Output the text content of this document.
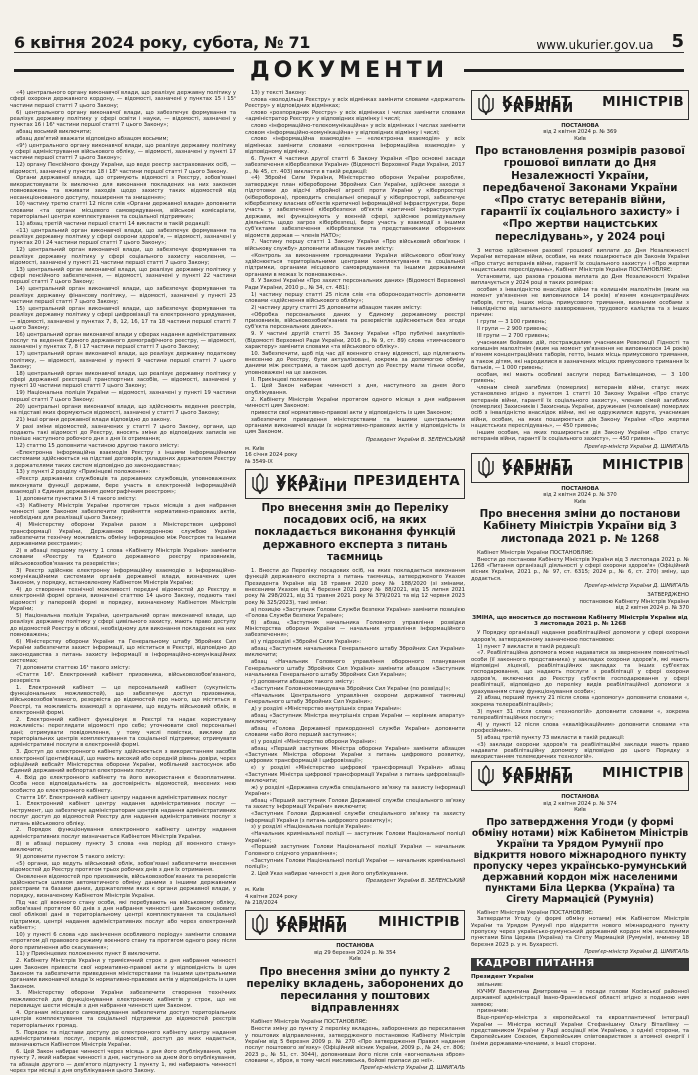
6 квітня 2024 року, субота, № 71	www.ukurier.gov.ua 5
ДОКУМЕНТИ

«4) центрального органу виконавчої влади, що реалізує державну політику у сфері охорони державного кордону, — відомості, зазначені у пунктах 15 і 15¹ частини першої статті 7 цього Закону;

6) центрального органу виконавчої влади, що забезпечує формування та реалізує державну політику у сфері освіти і науки, — відомості, зазначені у пунктах 16 і 16¹ частини першої статті 7 цього Закону»;

абзац восьмий виключити;

абзац дев'ятий вважати відповідно абзацом восьмим;

«9¹) центрального органу виконавчої влади, що реалізує державну політику у сфері адміністрування військового обліку, — відомості, зазначені у пункті 17 частини першої статті 7 цього Закону»;

12) органу Пенсійного фонду України, що веде реєстр застрахованих осіб, — відомості, зазначені у пунктах 18 і 18¹ частини першої статті 7 цього Закону.

Органи державної влади, що отримують відомості з Реєстру, зобов'язані використовувати їх виключно для виконання покладених на них законом повноважень та вживати заходів щодо захисту таких відомостей від несанкціонованого доступу, поширення та знищення»;

10) частину третю статті 12 після слів «Органи державної влади» доповнити словами «та органи місцевого самоврядування, військові комісаріати, територіальні центри комплектування та соціальної підтримки»;

11) абзац третій частини першої статті 14 викласти в такій редакції:

«11) центральний орган виконавчої влади, що забезпечує формування та реалізує державну політику у сфері охорони здоров'я, — відомості, зазначені у пунктах 20 і 24 частини першої статті 7 цього Закону»;

12) центральний орган виконавчої влади, що забезпечує формування та реалізує державну політику у сфері соціального захисту населення, — відомості, зазначені у пункті 21 частини першої статті 7 цього Закону;

13) центральний орган виконавчої влади, що реалізує державну політику у сфері пенсійного забезпечення, — відомості, зазначені у пункті 22 частини першої статті 7 цього Закону;

14) центральний орган виконавчої влади, що забезпечує формування та реалізує державну фінансову політику, — відомості, зазначені у пункті 23 частини першої статті 7 цього Закону;

15) центральний орган виконавчої влади, що забезпечує формування та реалізує державну політику у сфері цифровізації та електронного урядування, — відомості, зазначені у пунктах 7, 8, 12, 16, 17 та 18 частини першої статті 7 цього Закону;

16) центральний орган виконавчої влади у сферах надання адміністративних послуг та ведення Єдиного державного демографічного реєстру, — відомості, зазначені у пунктах 7, 8 і 17 частини першої статті 7 цього Закону;

17) центральний орган виконавчої влади, що реалізує державну податкову політику, — відомості, зазначені у пункті 9 частини першої статті 7 цього Закону;

18) центральний орган виконавчої влади, що реалізує державну політику у сфері державної реєстрації транспортних засобів, — відомості, зазначені у пункті 10 частини першої статті 7 цього Закону;

19) Національна поліція України — відомості, зазначені у пункті 19 частини першої статті 7 цього Закону;

20) центральні органи виконавчої влади, що здійснюють ведення реєстрів, на підставі яких формуються відомості, зазначені у статті 7 цього Закону;

21) інші органи державної влади відповідно до закону.

У разі зміни відомостей, зазначених у статті 7 цього Закону, органи, що подають такі відомості до Реєстру, вносять зміни до відповідних записів не пізніше наступного робочого дня з дня їх отримання;

12) статтю 15 доповнити частиною другою такого змісту:

«Електронна інформаційна взаємодія Реєстру з іншими інформаційними системами здійснюється на підставі договорів, укладених держателем Реєстру з держателями таких систем відповідно до законодавства»;

13) у пункті 2 розділу «Прикінцеві положення»:

«Реєстр державних службовців та державних службовців, уповноважених виконувати функції держави, бере участь в електронній інформаційній взаємодії з Єдиним державним демографічним реєстром»;

1) доповнити пунктами 3 і 4 такого змісту:

«3) Кабінету Міністрів України протягом трьох місяців з дня набрання чинності цим Законом забезпечити прийняття нормативно-правових актів, необхідних для реалізації цього Закону;

4) Міністерству оборони України разом з Міністерством цифрової трансформації України, Державною прикордонною службою України забезпечити технічну можливість обміну інформацією між Реєстром та іншими державними реєстрами»;

2) в абзаці першому пункту 1 слова «Кабінету Міністрів України» замінити словами «Реєстру та Єдиного державного реєстру призовників, військовозобов'язаних та резервістів»;

3) Реєстр здійснює електронну інформаційну взаємодію з інформаційно-комунікаційними системами органів державної влади, визначених цим Законом, у порядку, встановленому Кабінетом Міністрів України;

4) до створення технічної можливості передачі відомостей до Реєстру в електронній формі органи, визначені статтею 14 цього Закону, подають такі відомості у паперовій формі в порядку, визначеному Кабінетом Міністрів України;

5) Національна поліція України, центральний орган виконавчої влади, що реалізує державну політику у сфері цивільного захисту, мають право доступу до відомостей Реєстру в обсязі, необхідному для виконання покладених на них повноважень;

6) Міністерству оборони України та Генеральному штабу Збройних Сил України забезпечити захист інформації, що міститься в Реєстрі, відповідно до законодавства з питань захисту інформації в інформаційно-комунікаційних системах;

7) доповнити статтею 16¹ такого змісту:

«Стаття 16¹. Електронний кабінет призовника, військовозобов'язаного, резервіста

1. Електронний кабінет — це персональний кабінет (сукупність функціональних можливостей), що забезпечує доступ призовника, військовозобов'язаного, резервіста до відомостей про нього, що містяться в Реєстрі, та можливість взаємодії з органами, що ведуть військовий облік, в електронній формі.

2. Електронний кабінет функціонує в Реєстрі та надає користувачу можливість: переглядати відомості про себе; уточнювати свої персональні дані; отримувати повідомлення, у тому числі повістки, виклики до територіальних центрів комплектування та соціальної підтримки; отримувати адміністративні послуги в електронній формі.

3. Доступ до електронного кабінету здійснюється з використанням засобів електронної ідентифікації, що мають високий або середній рівень довіри, через офіційний вебсайт Міністерства оборони України, мобільний застосунок або Єдиний державний вебпортал електронних послуг.

4. Вхід до електронного кабінету та його використання є безоплатними. Особа несе відповідальність за достовірність відомостей, внесених нею особисто до електронного кабінету.

Стаття 16². Електронний кабінет центру надання адміністративних послуг

1. Електронний кабінет центру надання адміністративних послуг — інструмент, що забезпечує адміністраторам центрів надання адміністративних послуг доступ до відомостей Реєстру для надання адміністративних послуг з питань військового обліку.

2. Порядок функціонування електронного кабінету центру надання адміністративних послуг визначається Кабінетом Міністрів України.

8) в абзаці першому пункту 3 слова «на період дії воєнного стану» виключити;

9) доповнити пунктом 5 такого змісту:

«5) органи, що ведуть військовий облік, зобов'язані забезпечити внесення відомостей до Реєстру протягом трьох робочих днів з дня їх отримання.

Оновлення відомостей про призовників, військовозобов'язаних та резервістів здійснюється шляхом автоматичного обміну даними з іншими державними реєстрами та базами даних, держателями яких є органи державної влади, у порядку, визначеному Кабінетом Міністрів України.

Під час дії воєнного стану особи, які перебувають на військовому обліку, зобов'язані протягом 60 днів з дня набрання чинності цим Законом оновити свої облікові дані в територіальному центрі комплектування та соціальної підтримки, центрі надання адміністративних послуг або через електронний кабінет»;

10) у пункті 6 слова «до закінчення особливого періоду» замінити словами «протягом дії правового режиму воєнного стану та протягом одного року після його припинення або скасування»;

11) у Прикінцевих положеннях пункт 8 виключити.

2. Кабінету Міністрів України у тримісячний строк з дня набрання чинності цим Законом привести свої нормативно-правові акти у відповідність із цим Законом та забезпечити приведення міністерствами та іншими центральними органами виконавчої влади їх нормативно-правових актів у відповідність із цим Законом.

3. Міністерству оборони України забезпечити створення технічних можливостей для функціонування електронних кабінетів у строк, що не перевищує шести місяців з дня набрання чинності цим Законом.

4. Органам місцевого самоврядування забезпечити доступ територіальних центрів комплектування та соціальної підтримки до відомостей реєстрів територіальних громад.

5. Порядок та підстави доступу до електронного кабінету центру надання адміністративних послуг, перелік відомостей, доступ до яких надається, визначаються Кабінетом Міністрів України.

6. Цей Закон набирає чинності через місяць з дня його опублікування, крім пункту 7, який набирає чинності з дня, наступного за днем його опублікування, та абзаців другого — дев'ятого підпункту 1 пункту 1, які набирають чинності через три місяці з дня опублікування цього Закону.

13) у тексті Закону:

слова «володільця Реєстру» у всіх відмінках замінити словами «держатель Реєстру» у відповідних відмінках;

слово «розпорядник Реєстру» у всіх відмінках і числах замінити словами «адміністратор Реєстру» у відповідних відмінку і числі;

слово «інформаційно-телекомунікаційна» у всіх відмінках і числах замінити словом «інформаційно-комунікаційна» у відповідних відмінку і числі;

слово «інформаційна взаємодія» — «електронна взаємодія» у всіх відмінках замінити словами «електронна інформаційна взаємодія» у відповідному відмінку.

6. Пункт 4 частини другої статті 6 Закону України «Про основні засади забезпечення кібербезпеки України» (Відомості Верховної Ради України, 2017 р., № 45, ст. 403) викласти в такій редакції:

«4) Збройні Сили України, Міністерство оборони України розробляє, затверджує план кібероборони Збройних Сил України, здійснює заходи з підготовки до відсічі збройної агресії проти України у кіберпросторі (кібероборона), проводить спеціальні операції у кіберпросторі, забезпечує кібербезпеку власних об'єктів критичної інформаційної інфраструктури, бере участь у забезпеченні кібербезпеки об'єктів критичної інфраструктури держави, які функціонують у воєнній сфері, здійснює розвідувальну діяльність щодо загроз кібербезпеці, бере участь у взаємодії з іншими суб'єктами забезпечення кібербезпеки та представниками оборонних відомств держав — членів НАТО»;

7. Частину першу статті 1 Закону України «Про військовий обов'язок і військову службу» доповнити абзацом таким змісту:

«Контроль за виконанням громадянами України військового обов'язку здійснюється територіальними центрами комплектування та соціальної підтримки, органами місцевого самоврядування та іншими державними органами в межах їх повноважень».

8. У Законі України «Про захист персональних даних» (Відомості Верховної Ради України, 2010 р., № 34, ст. 481):

1) частину першу статті 25 після слів «та обороноздатності» доповнити словами «здійснення військового обліку»;

2) частину другу статті 25 доповнити абзацом таким змісту:

«Обробка персональних даних у Єдиному державному реєстрі призовників, військовозобов'язаних та резервістів здійснюється без згоди суб'єкта персональних даних».

9. У частині другій статті 35 Закону України «Про публічні закупівлі» (Відомості Верховної Ради України, 2016 р., № 9, ст. 89) слова «тимчасового характеру» замінити словами «та військового обліку».

10. Забезпечити, щоб під час дії воєнного стану відомості, що підлягають внесенню до Реєстру, були актуалізовані, зокрема за допомогою обміну даними між реєстрами, а також щоб доступ до Реєстру мали тільки особи, уповноважені на це законом.

II. Прикінцеві положення

1. Цей Закон набирає чинності з дня, наступного за днем його опублікування.

2. Кабінету Міністрів України протягом одного місяця з дня набрання чинності цим Законом:

привести свої нормативно-правові акти у відповідність із цим Законом;

забезпечити приведення міністерствами та іншими центральними органами виконавчої влади їх нормативно-правових актів у відповідність із цим Законом.

Президент України В. ЗЕЛЕНСЬКИЙ
м. Київ
16 січня 2024 року
№ 3549-IX
УКАЗ ПРЕЗИДЕНТА УКРАЇНИ
Про внесення змін до Переліку посадових осіб, на яких покладається виконання функцій державного експерта з питань таємниць

1. Внести до Переліку посадових осіб, на яких покладається виконання функцій державного експерта з питань таємниць, затвердженого Указом Президента України від 18 травня 2020 року № 188/2020 (зі змінами, внесеними Указом від 4 березня 2021 року № 88/2021, від 15 липня 2021 року № 298/2021, від 31 травня 2021 року № 379/2021 та від 12 червня 2023 року № 325/2023), такі зміни:

а) позицію «Заступник Голови Служби безпеки України» замінити позицією «Голова Служби безпеки України»;

б) абзац «Заступник начальника Головного управління розвідки Міністерства оборони України — начальник управління інформаційного забезпечення»;

в) у підрозділі «Збройні Сили України»:

абзац «Заступник начальника Генерального штабу Збройних Сил України» виключити;

абзац «Начальник Головного управління оборонного планування Генерального штабу Збройних Сил України» замінити абзацом «Заступник начальника Генерального штабу Збройних Сил України»;

г) доповнити абзацом такого змісту:

«Заступник Головнокомандувача Збройних Сил України (по розвідці)»;

«Начальник Центрального управління охорони державної таємниці Генерального штабу Збройних Сил України»;

д) у розділі «Міністерство внутрішніх справ України»:

абзац «Заступник Міністра внутрішніх справ України — керівник апарату» виключити;

абзац «Голова Державної прикордонної служби України» доповнити словами «або його перший заступник»;

е) у розділі «Міністерство оборони України»:

абзац «Перший заступник Міністра оборони України» замінити абзацом «Заступник Міністра оборони України з питань цифрового розвитку, цифрових трансформацій і цифровізації»;

є) у розділі «Міністерство цифрової трансформації України» абзац «Заступник Міністра цифрової трансформації України з питань цифровізації» виключити;

ж) у розділі «Державна служба спеціального зв'язку та захисту інформації України»:

абзац «Перший заступник Голови Державної служби спеціального зв'язку та захисту інформації України» виключити;

«Заступник Голови Державної служби спеціального зв'язку та захисту інформації України (з питань цифрового розвитку)»;

з) у розділі «Національна поліція України»:

«Начальник кримінальної поліції — заступник Голови Національної поліції України»;

«Перший заступник Голови Національної поліції України — начальник Головного слідчого управління»;

«Заступник Голови Національної поліції України — начальник кримінальної поліції»;

2. Цей Указ набирає чинності з дня його опублікування.

Президент України В. ЗЕЛЕНСЬКИЙ
м. Київ
4 квітня 2024 року
№ 218/2024
КАБІНЕТ МІНІСТРІВ УКРАЇНИ
ПОСТАНОВА
від 29 березня 2024 р. № 354
Київ
Про внесення зміни до пункту 2 переліку вкладень, заборонених до пересилання у поштових відправленнях

Кабінет Міністрів України ПОСТАНОВЛЯЄ:

Внести зміну до пункту 2 переліку вкладень, заборонених до пересилання у поштових відправленнях, затвердженого постановою Кабінету Міністрів України від 5 березня 2009 р. № 270 «Про затвердження Правил надання послуг поштового зв'язку» (Офіційний вісник України, 2009 р., № 24, ст. 806; 2023 р., № 51, ст. 3044), доповнивши його після слів «вогнепальна зброя» словами «, зброя, в тому числі мисливська, бойові припаси до неї».

Прем'єр-міністр України Д. ШМИГАЛЬ
КАБІНЕТ МІНІСТРІВ УКРАЇНИ
ПОСТАНОВА
від 2 квітня 2024 р. № 369
Київ
Про встановлення розмірів разової грошової виплати до Дня Незалежності України, передбаченої Законами України «Про статус ветеранів війни, гарантії їх соціального захисту» і «Про жертви нацистських переслідувань», у 2024 році

З метою здійснення разової грошової виплати до Дня Незалежності України ветеранам війни, особам, на яких поширюється дія Законів України «Про статус ветеранів війни, гарантії їх соціального захисту» і «Про жертви нацистських переслідувань», Кабінет Міністрів України ПОСТАНОВЛЯЄ:

Установити, що разова грошова виплата до Дня Незалежності України виплачується у 2024 році в таких розмірах:

особам з інвалідністю внаслідок війни та колишнім малолітнім (яким на момент ув'язнення не виповнилося 14 років) в'язням концентраційних таборів, гетто, інших місць примусового тримання, визнаним особами з інвалідністю від загального захворювання, трудового каліцтва та з інших причин:

I групи — 3 100 гривень;

II групи — 2 900 гривень;

III групи — 2 700 гривень;

учасникам бойових дій, постраждалим учасникам Революції Гідності та колишнім малолітнім (яким на момент ув'язнення не виповнилося 14 років) в'язням концентраційних таборів, гетто, інших місць примусового тримання, а також дітям, які народилися в зазначених місцях примусового тримання їх батьків, — 1 000 гривень;

особам, які мають особливі заслуги перед Батьківщиною, — 3 100 гривень;

членам сімей загиблих (померлих) ветеранів війни, статус яких установлено згідно з пунктом 1 статті 10 Закону України «Про статус ветеранів війни, гарантії їх соціального захисту», членам сімей загиблих (померлих) Захисників і Захисниць України, дружинам (чоловікам) померлих осіб з інвалідністю внаслідок війни, які не одружилися вдруге, учасникам війни, особам, на яких поширюється дія Закону України «Про жертви нацистських переслідувань», — 450 гривень;

іншим особам, на яких поширюється дія Закону України «Про статус ветеранів війни, гарантії їх соціального захисту», — 450 гривень.

Прем'єр-міністр України Д. ШМИГАЛЬ
КАБІНЕТ МІНІСТРІВ УКРАЇНИ
ПОСТАНОВА
від 2 квітня 2024 р. № 370
Київ
Про внесення зміни до постанови Кабінету Міністрів України від 3 листопада 2021 р. № 1268

Кабінет Міністрів України ПОСТАНОВЛЯЄ:

Внести до постанови Кабінету Міністрів України від 3 листопада 2021 р. № 1268 «Питання організації діяльності у сфері охорони здоров'я» (Офіційний вісник України, 2021 р., № 97, ст. 6315; 2024 р., № 6, ст. 270) зміну, що додається.

Прем'єр-міністр України Д. ШМИГАЛЬ
ЗАТВЕРДЖЕНО
постановою Кабінету Міністрів України
від 2 квітня 2024 р. № 370
ЗМІНА, що вноситься до постанови Кабінету Міністрів України від 3 листопада 2021 р. № 1268

У Порядку організації надання реабілітаційної допомоги у сфері охорони здоров'я, затвердженому зазначеною постановою:

1) пункт 7 викласти в такій редакції:

«7. Реабілітаційна допомога може надаватися за зверненням повнолітньої особи (її законного представника) у закладах охорони здоров'я, які мають відповідні ліцензії, реабілітаційних закладах та інших суб'єктах господарювання, що надають послуги з реабілітації у сфері охорони здоров'я, включених до Реєстру суб'єктів господарювання у сфері реабілітації, відповідно до переліку видів реабілітаційної допомоги з урахуванням стану функціонування особи»;

2) абзац перший пункту 21 після слова «допомогу» доповнити словами «, зокрема телереабілітаційні»;

3) пункт 31 після слова «технологій» доповнити словами «, зокрема телереабілітаційних послуг»;

4) у пункті 12 після слова «кваліфікаційним» доповнити словами «та професійним».

5) абзац третій пункту 73 викласти в такій редакції:

«3) заклади охорони здоров'я та реабілітаційні заклади мають право надавати реабілітаційну допомогу відповідно до цього Порядку з використанням телемедичних технологій».

КАБІНЕТ МІНІСТРІВ УКРАЇНИ
ПОСТАНОВА
від 2 квітня 2024 р. № 374
Київ
Про затвердження Угоди (у формі обміну нотами) між Кабінетом Міністрів України та Урядом Румунії про відкриття нового міжнародного пункту пропуску через українсько-румунський державний кордон між населеними пунктами Біла Церква (Україна) та Сігету Мармацієй (Румунія)

Кабінет Міністрів України ПОСТАНОВЛЯЄ:

Затвердити Угоду (у формі обміну нотами) між Кабінетом Міністрів України та Урядом Румунії про відкриття нового міжнародного пункту пропуску через українсько-румунський державний кордон між населеними пунктами Біла Церква (Україна) та Сігету Мармацієй (Румунія), вчинену 18 березня 2023 р. у м. Бухаресті.

Прем'єр-міністр України Д. ШМИГАЛЬ
КАДРОВІ ПИТАННЯ
Президент України

звільнив:

КУЧМУ Валентина Дмитровича — з посади голови Косівської районної державної адміністрації Івано-Франківської області згідно з поданою ним заявою;

призначив:

Віце-прем'єр-міністра з європейської та євроатлантичної інтеграції України — Міністра юстиції України Стефанішину Ольгу Віталіївну — представником України у Раді асоціації між Україною, з однієї сторони, та Європейським Союзом, Європейським співтовариством з атомної енергії і їхніми державами-членами, з іншої сторони.
